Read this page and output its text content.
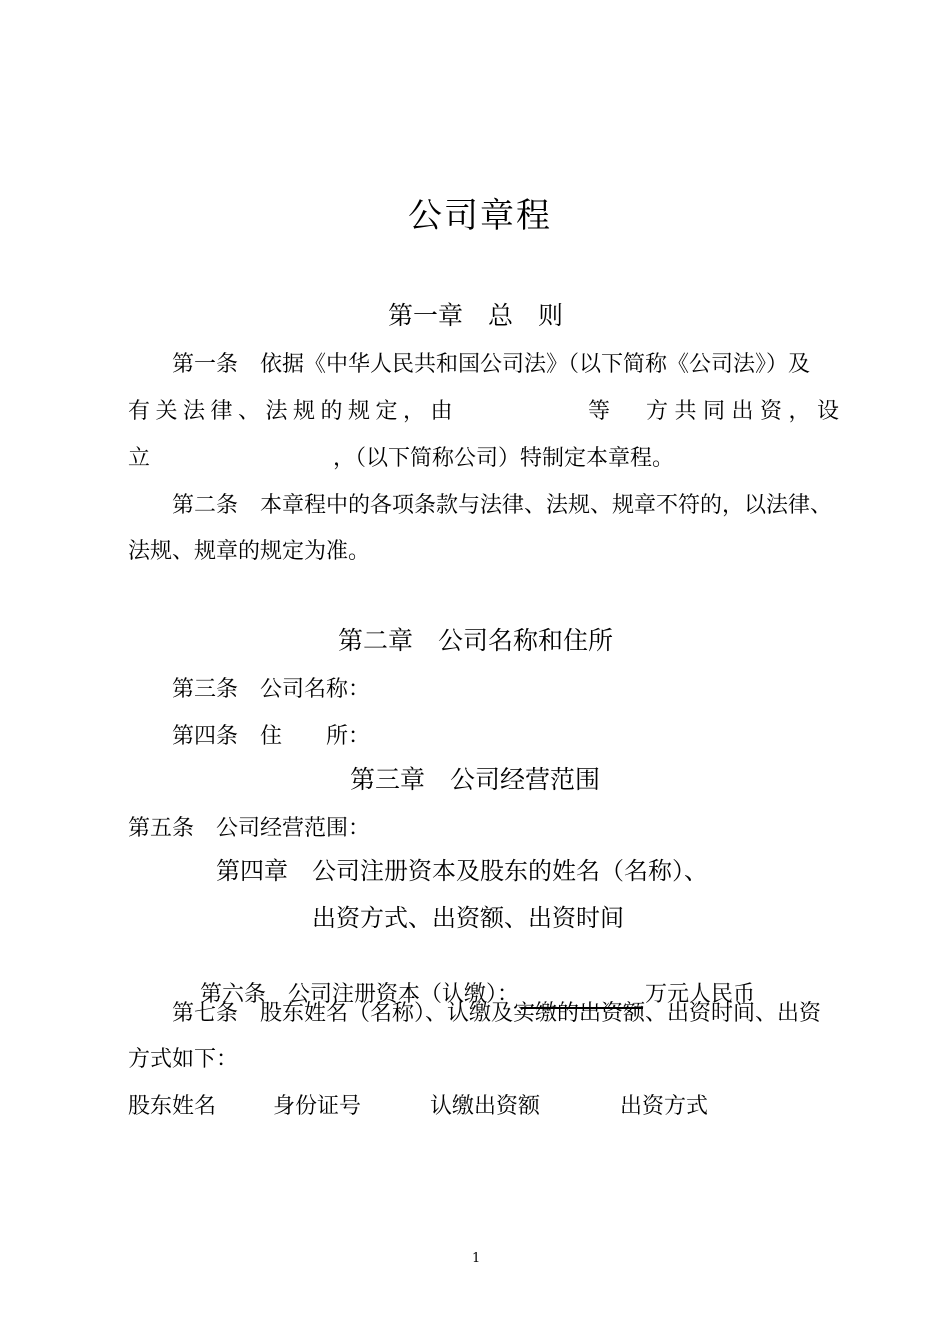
公司章程
第一章　总　则
第一条　依据《中华人民共和国公司法》（以下简称《公司法》）及
有关法律、法规的规定，由	等 方共同出资，设
立	，（以下简称公司）特制定本章程。
第二条　本章程中的各项条款与法律、法规、规章不符的，以法律、
法规、规章的规定为准。
第二章　公司名称和住所
第三条　公司名称：
第四条　住　　所：
第三章　公司经营范围
第五条　公司经营范围：
第四章　公司注册资本及股东的姓名（名称）、
出资方式、出资额、出资时间

第六条　公司注册资本（认缴）：	万元人民币

第七条　股东姓名（名称）、认缴及实缴的出资额、出资时间、出资
方式如下：
股东姓名	身份证号	认缴出资额	出资方式
1
